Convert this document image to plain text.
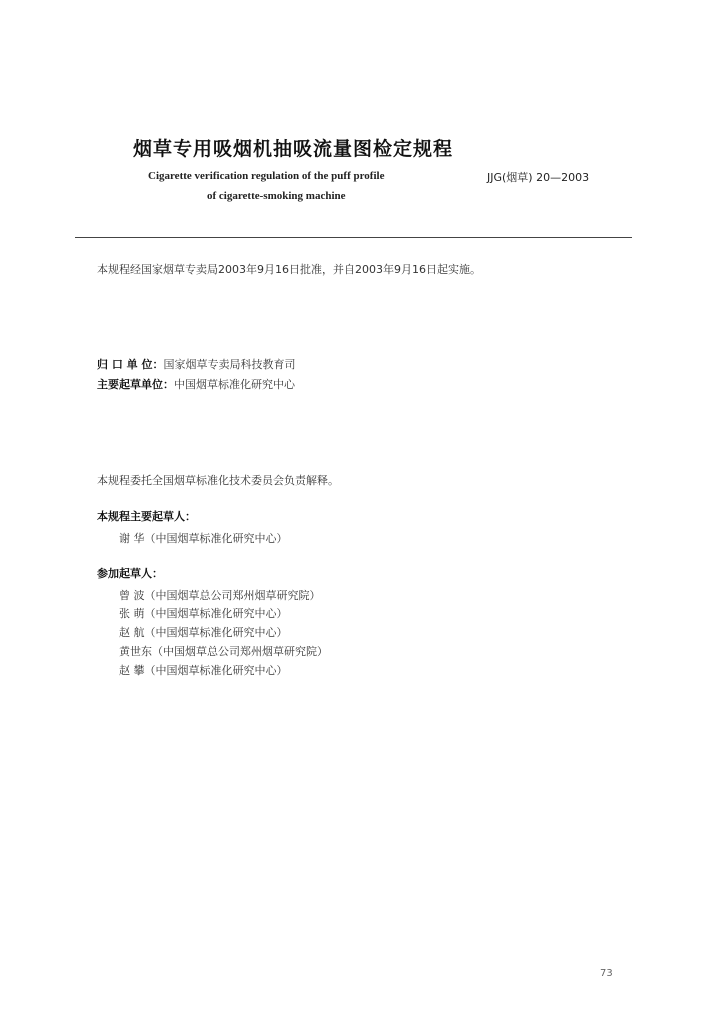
烟草专用吸烟机抽吸流量图检定规程
Cigarette verification regulation of the puff profile
of cigarette-smoking machine
JJG(烟草) 20—2003
本规程经国家烟草专卖局2003年9月16日批准，并自2003年9月16日起实施。
归 口 单 位：国家烟草专卖局科技教育司
主要起草单位：中国烟草标准化研究中心
本规程委托全国烟草标准化技术委员会负责解释。
本规程主要起草人：
谢 华（中国烟草标准化研究中心）
参加起草人：
曾 波（中国烟草总公司郑州烟草研究院）
张 萌（中国烟草标准化研究中心）
赵 航（中国烟草标准化研究中心）
黄世东（中国烟草总公司郑州烟草研究院）
赵 攀（中国烟草标准化研究中心）
73
